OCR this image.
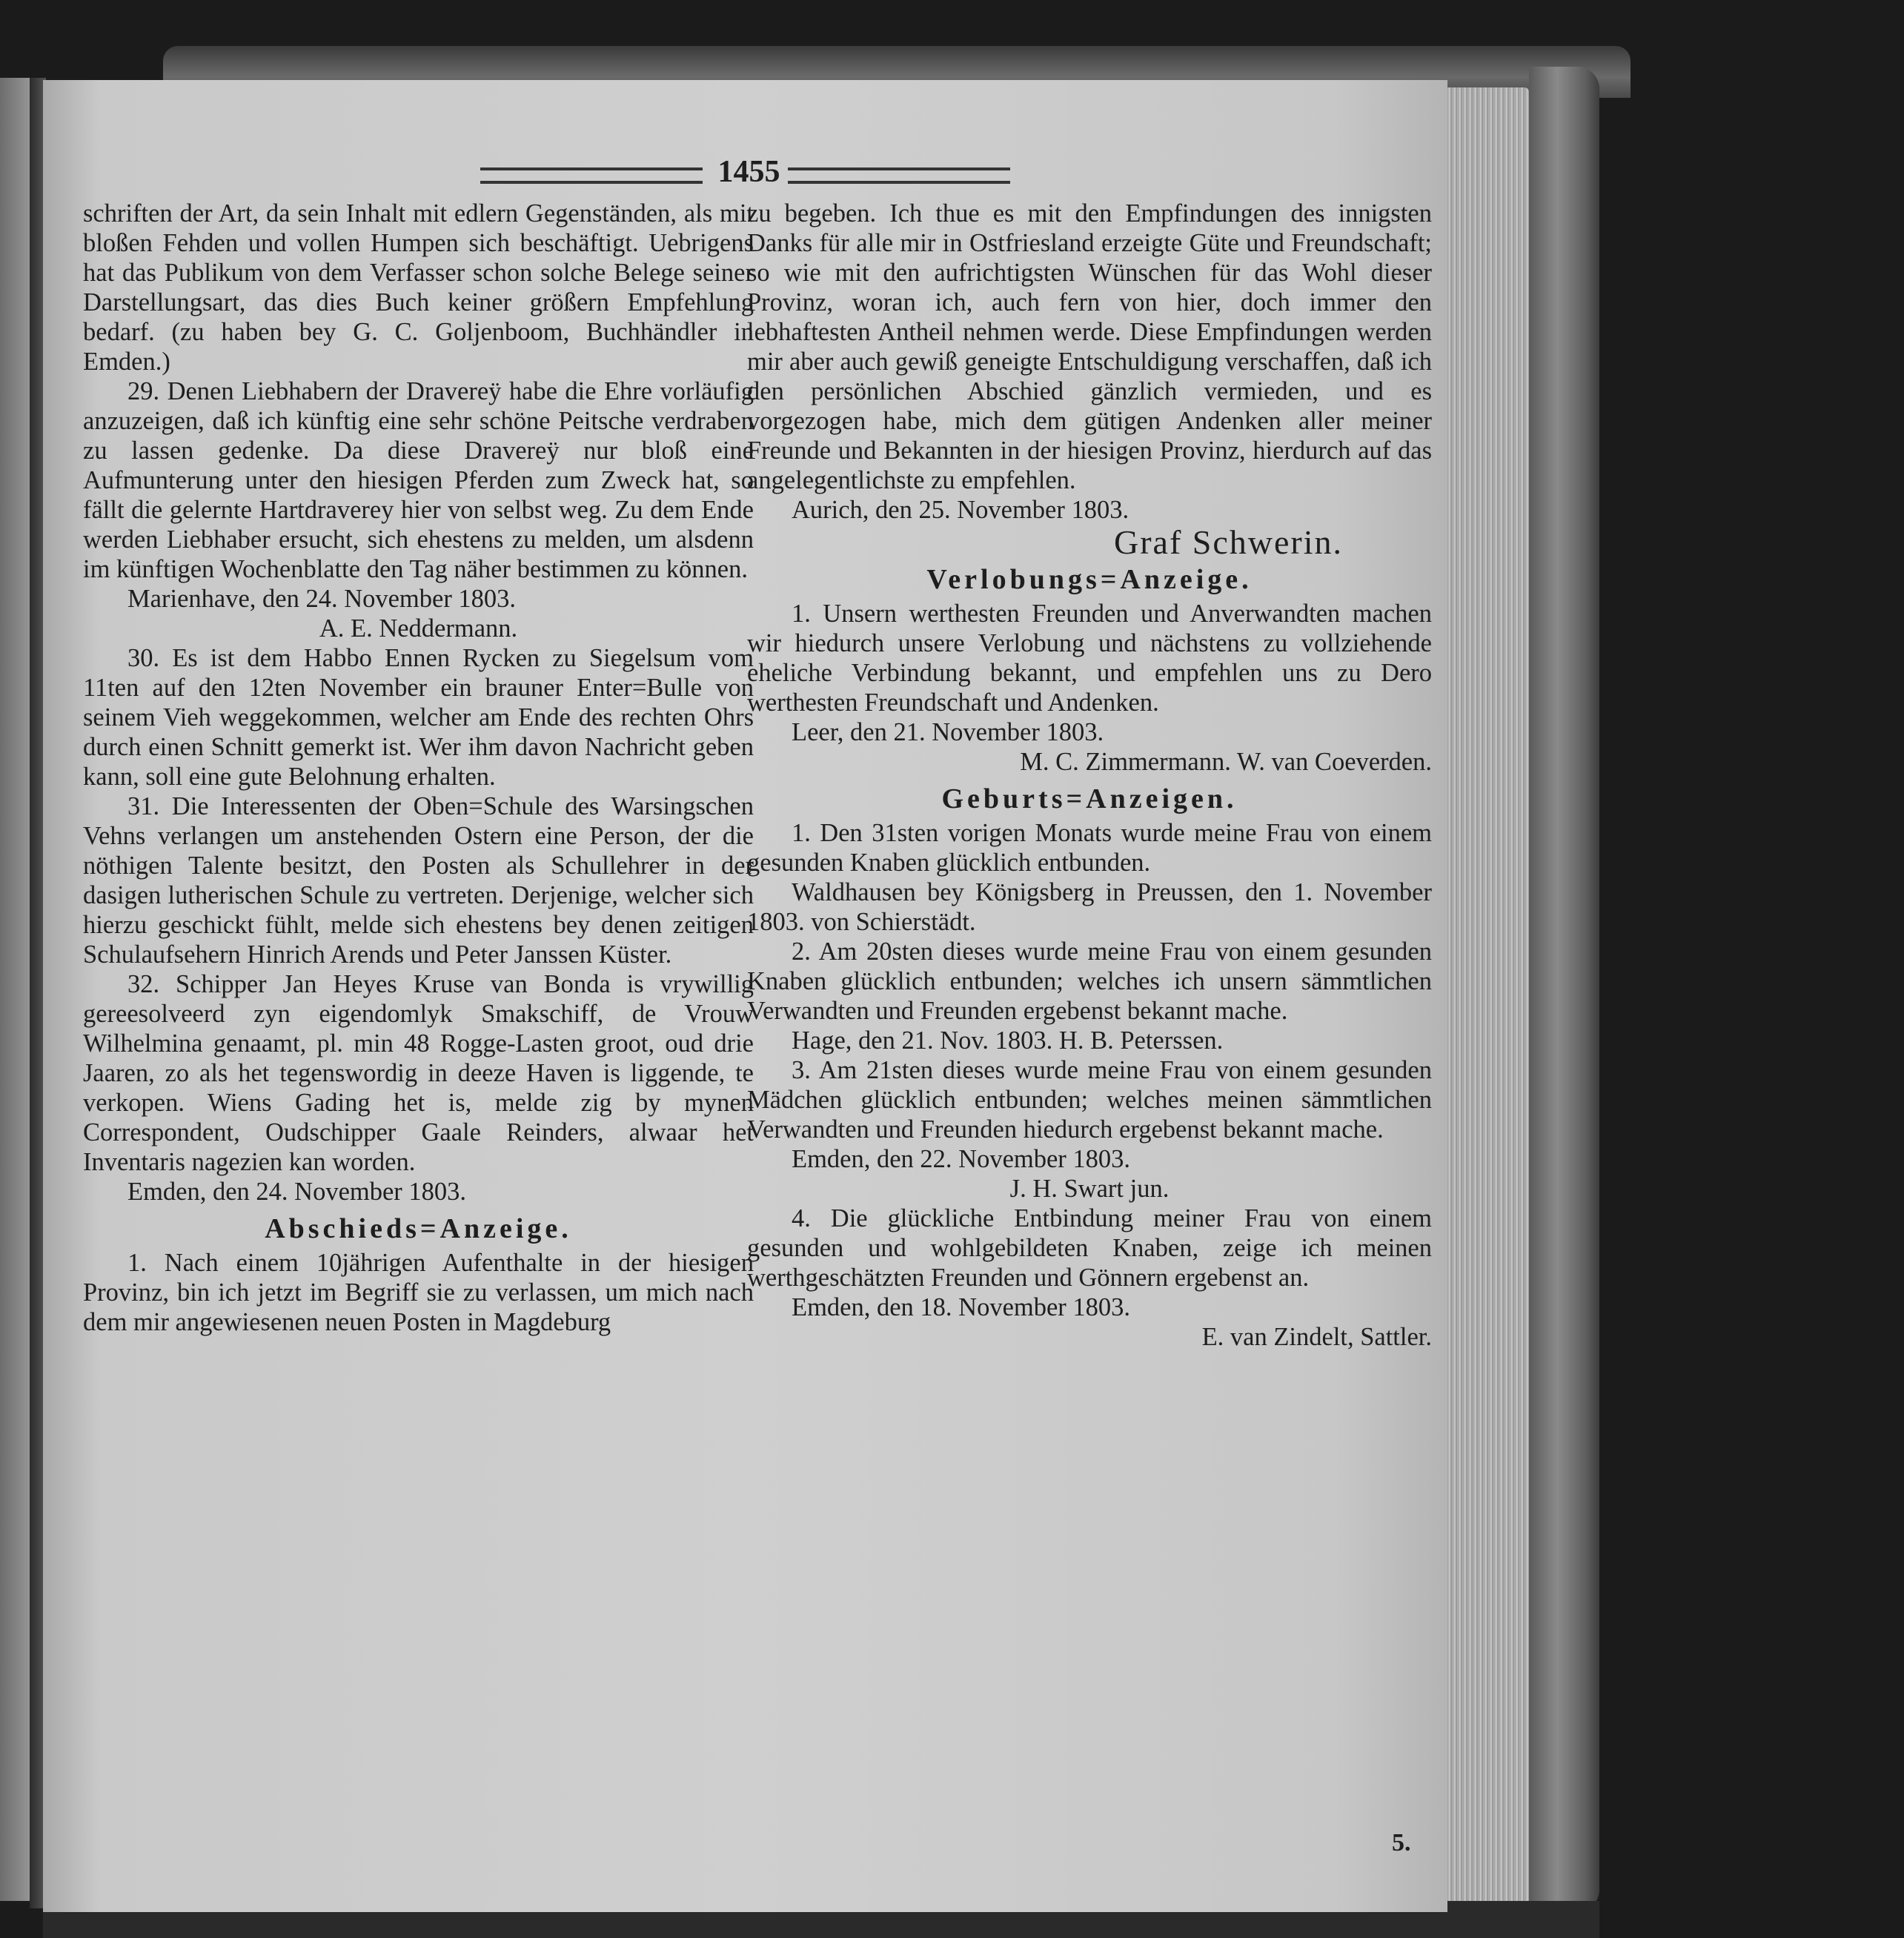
1455

schriften der Art, da sein Inhalt mit edlern Gegenständen, als mit bloßen Fehden und vollen Humpen sich beschäftigt. Uebrigens hat das Publikum von dem Verfasser schon solche Belege seiner Darstellungsart, das dies Buch keiner größern Empfehlung bedarf. (zu haben bey G. C. Goljenboom, Buchhändler in Emden.)

29. Denen Liebhabern der Dravereÿ habe die Ehre vorläufig anzuzeigen, daß ich künftig eine sehr schöne Peitsche verdraben zu lassen gedenke. Da diese Dravereÿ nur bloß eine Aufmunterung unter den hiesigen Pferden zum Zweck hat, so fällt die gelernte Hartdraverey hier von selbst weg. Zu dem Ende werden Liebhaber ersucht, sich ehestens zu melden, um alsdenn im künftigen Wochenblatte den Tag näher bestimmen zu können.

Marienhave, den 24. November 1803.

A. E. Neddermann.

30. Es ist dem Habbo Ennen Rycken zu Siegelsum vom 11ten auf den 12ten November ein brauner Enter=Bulle von seinem Vieh weggekommen, welcher am Ende des rechten Ohrs durch einen Schnitt gemerkt ist. Wer ihm davon Nachricht geben kann, soll eine gute Belohnung erhalten.

31. Die Interessenten der Oben=Schule des Warsingschen Vehns verlangen um anstehenden Ostern eine Person, der die nöthigen Talente besitzt, den Posten als Schullehrer in der dasigen lutherischen Schule zu vertreten. Derjenige, welcher sich hierzu geschickt fühlt, melde sich ehestens bey denen zeitigen Schulaufsehern Hinrich Arends und Peter Janssen Küster.

32. Schipper Jan Heyes Kruse van Bonda is vrywillig gereesolveerd zyn eigendomlyk Smakschiff, de Vrouw Wilhelmina genaamt, pl. min 48 Rogge-Lasten groot, oud drie Jaaren, zo als het tegenswordig in deeze Haven is liggende, te verkopen. Wiens Gading het is, melde zig by mynen Correspondent, Oudschipper Gaale Reinders, alwaar het Inventaris nagezien kan worden.

Emden, den 24. November 1803.

Abschieds=Anzeige.

1. Nach einem 10jährigen Aufenthalte in der hiesigen Provinz, bin ich jetzt im Begriff sie zu verlassen, um mich nach dem mir angewiesenen neuen Posten in Magdeburg

zu begeben. Ich thue es mit den Empfindungen des innigsten Danks für alle mir in Ostfriesland erzeigte Güte und Freundschaft; so wie mit den aufrichtigsten Wünschen für das Wohl dieser Provinz, woran ich, auch fern von hier, doch immer den lebhaftesten Antheil nehmen werde. Diese Empfindungen werden mir aber auch gewiß geneigte Entschuldigung verschaffen, daß ich den persönlichen Abschied gänzlich vermieden, und es vorgezogen habe, mich dem gütigen Andenken aller meiner Freunde und Bekannten in der hiesigen Provinz, hierdurch auf das angelegentlichste zu empfehlen.

Aurich, den 25. November 1803.

Graf Schwerin.

Verlobungs=Anzeige.

1. Unsern werthesten Freunden und Anverwandten machen wir hiedurch unsere Verlobung und nächstens zu vollziehende eheliche Verbindung bekannt, und empfehlen uns zu Dero werthesten Freundschaft und Andenken.

Leer, den 21. November 1803.

M. C. Zimmermann. W. van Coeverden.

Geburts=Anzeigen.

1. Den 31sten vorigen Monats wurde meine Frau von einem gesunden Knaben glücklich entbunden.

Waldhausen bey Königsberg in Preussen, den 1. November 1803. von Schierstädt.

2. Am 20sten dieses wurde meine Frau von einem gesunden Knaben glücklich entbunden; welches ich unsern sämmtlichen Verwandten und Freunden ergebenst bekannt mache.

Hage, den 21. Nov. 1803. H. B. Peterssen.

3. Am 21sten dieses wurde meine Frau von einem gesunden Mädchen glücklich entbunden; welches meinen sämmtlichen Verwandten und Freunden hiedurch ergebenst bekannt mache.

Emden, den 22. November 1803.

J. H. Swart jun.

4. Die glückliche Entbindung meiner Frau von einem gesunden und wohlgebildeten Knaben, zeige ich meinen werthgeschätzten Freunden und Gönnern ergebenst an.

Emden, den 18. November 1803.

E. van Zindelt, Sattler.

5.
